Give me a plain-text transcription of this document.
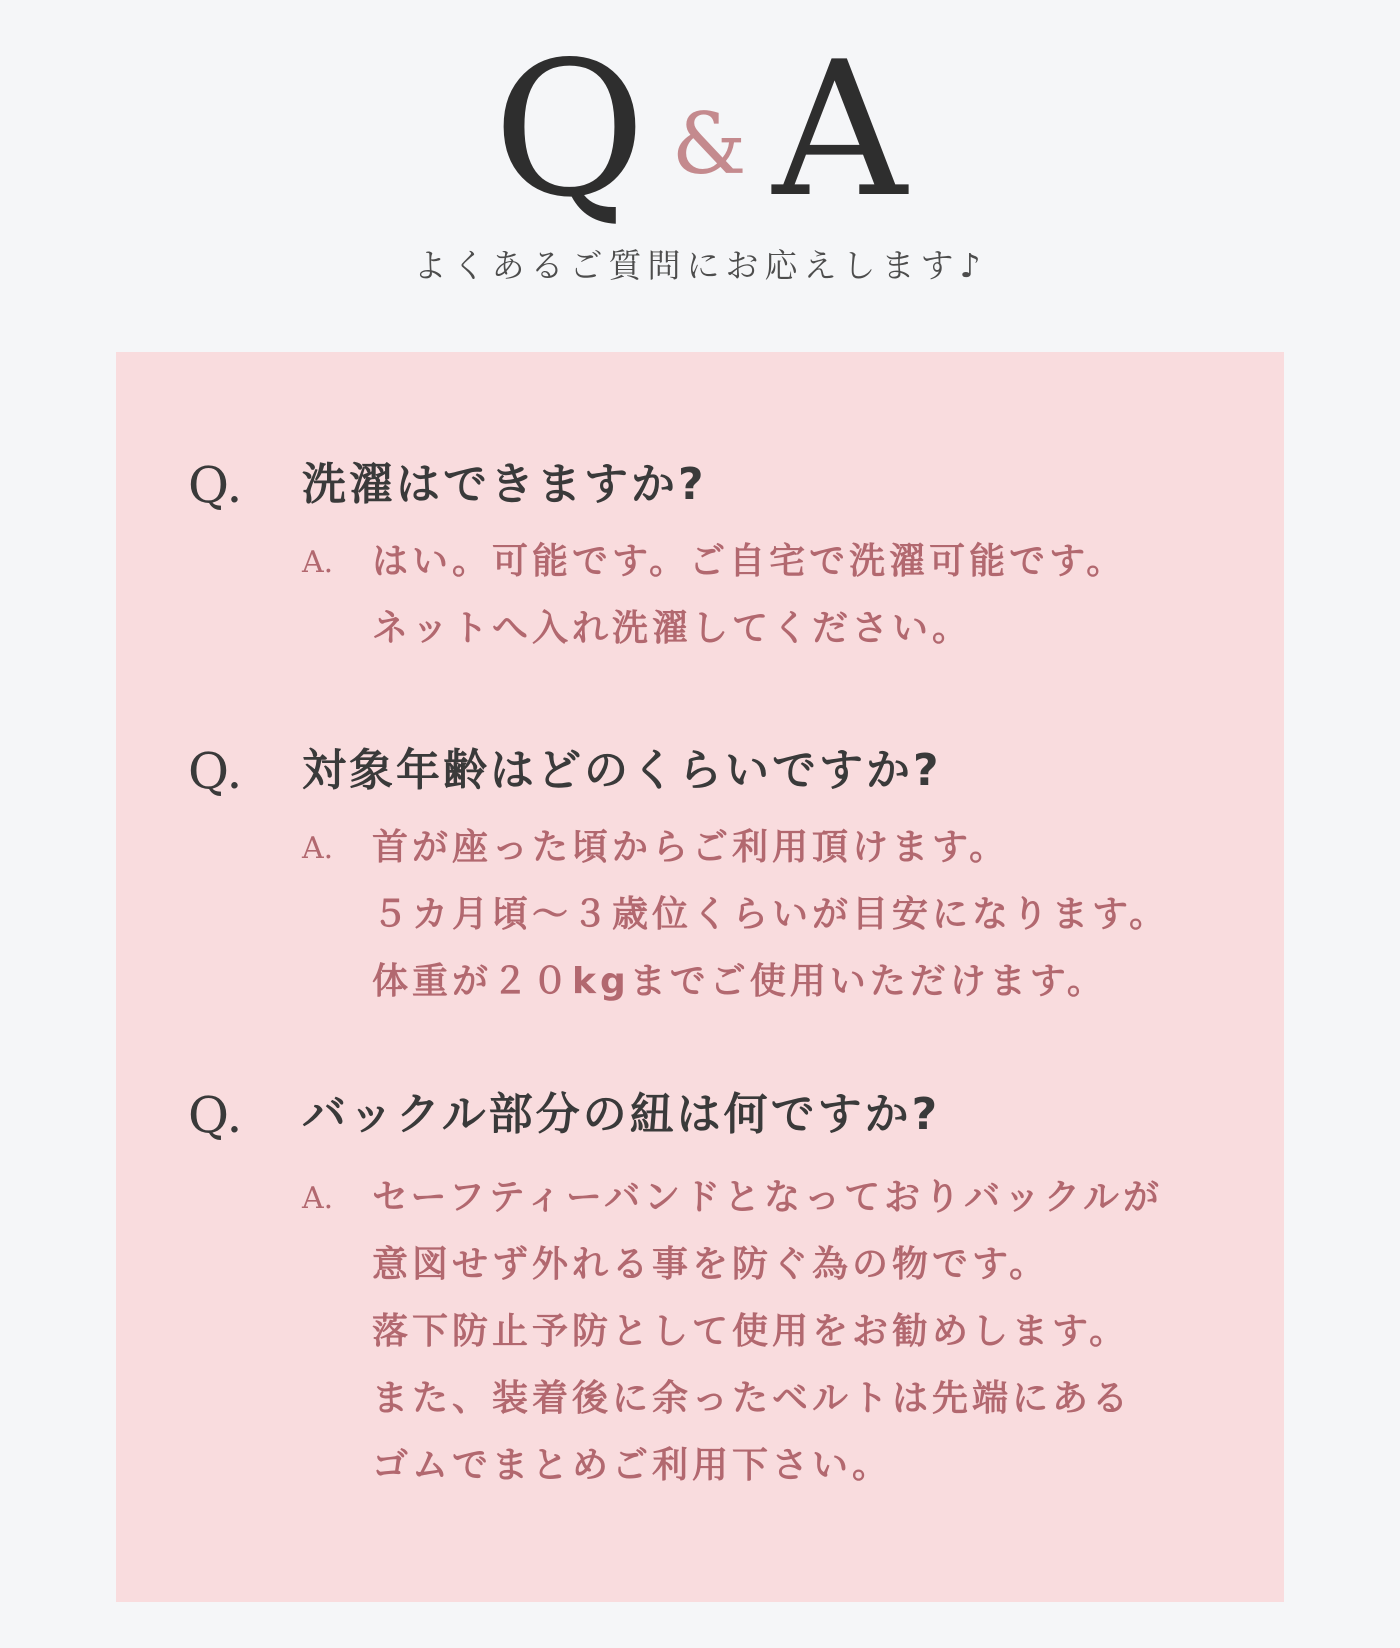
Q & A
よくあるご質問にお応えします♪
Q. 洗濯はできますか?
A. はい。可能です。ご自宅で洗濯可能です。
ネットへ入れ洗濯してください。
Q. 対象年齢はどのくらいですか?
A. 首が座った頃からご利用頂けます。
５カ月頃～３歳位くらいが目安になります。
体重が２０kgまでご使用いただけます。
Q. バックル部分の紐は何ですか?
A. セーフティーバンドとなっておりバックルが
意図せず外れる事を防ぐ為の物です。
落下防止予防として使用をお勧めします。
また、装着後に余ったベルトは先端にある
ゴムでまとめご利用下さい。
